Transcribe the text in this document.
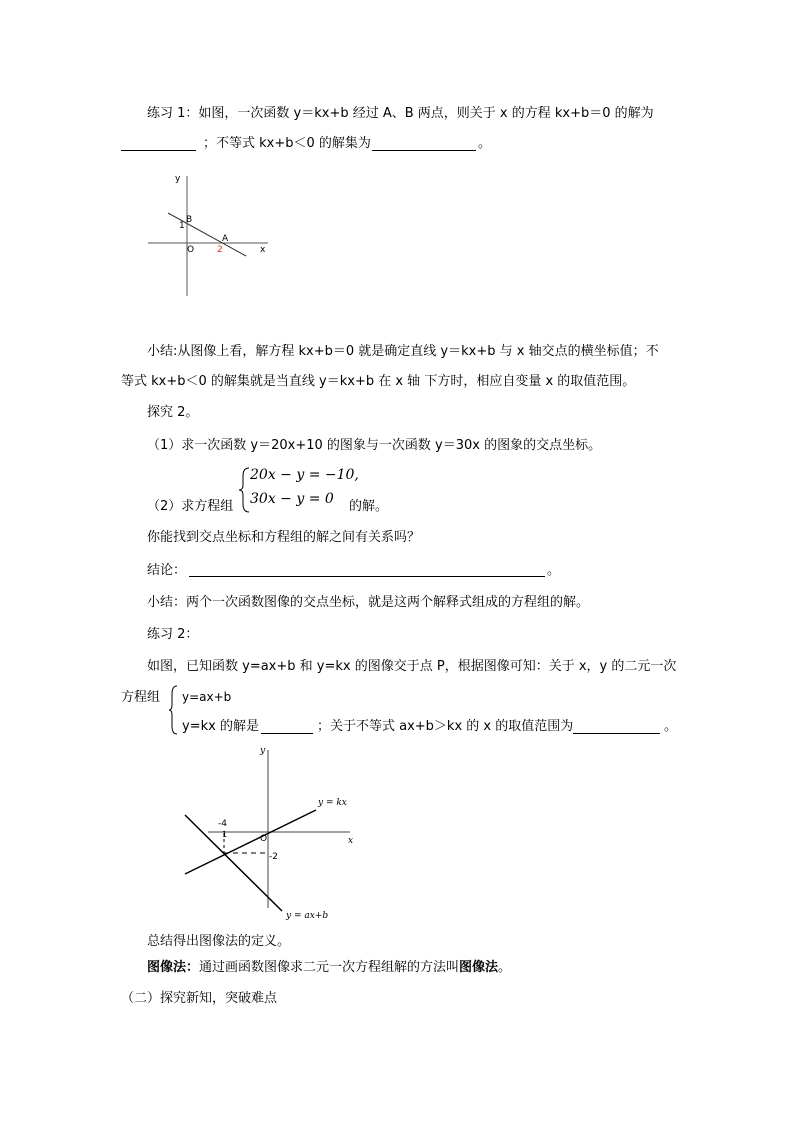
练习 1：如图，一次函数 y＝kx+b 经过 A、B 两点，则关于 x 的方程 kx+b＝0 的解为
；不等式 kx+b＜0 的解集为	。
y
x
B
1
O
A
2
小结:从图像上看，解方程 kx+b＝0 就是确定直线 y＝kx+b 与 x 轴交点的横坐标值；不
等式 kx+b＜0 的解集就是当直线 y＝kx+b 在 x 轴 下方时，相应自变量 x 的取值范围。
探究 2。
（1）求一次函数 y＝20x+10 的图象与一次函数 y＝30x 的图象的交点坐标。
（2）求方程组
20x − y = −10,
30x − y = 0 的解。
你能找到交点坐标和方程组的解之间有关系吗？
结论：	。
小结：两个一次函数图像的交点坐标，就是这两个解释式组成的方程组的解。
练习 2：
如图，已知函数 y=ax+b 和 y=kx 的图像交于点 P，根据图像可知：关于 x，y 的二元一次
方程组 y=ax+b
y=kx 的解是	；关于不等式 ax+b＞kx 的 x 的取值范围为	。
y
x
y = kx
y = ax+b
-4
1	O
-2
总结得出图像法的定义。
图像法：通过画函数图像求二元一次方程组解的方法叫图像法。
（二）探究新知，突破难点
